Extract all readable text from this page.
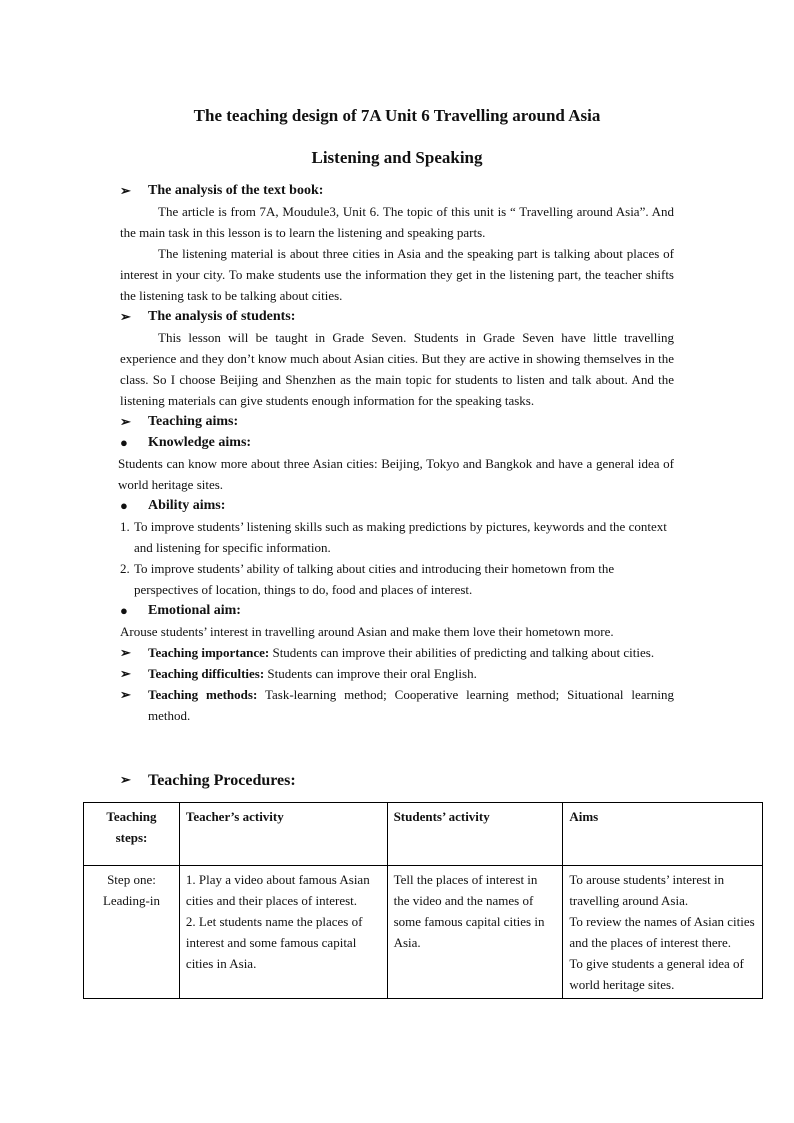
The teaching design of 7A Unit 6 Travelling around Asia
Listening and Speaking
➢	The analysis of the text book:

The article is from 7A, Moudule3, Unit 6. The topic of this unit is “ Travelling around Asia”. And the main task in this lesson is to learn the listening and speaking parts.

The listening material is about three cities in Asia and the speaking part is talking about places of interest in your city. To make students use the information they get in the listening part, the teacher shifts the listening task to be talking about cities.

➢	The analysis of students:

This lesson will be taught in Grade Seven. Students in Grade Seven have little travelling experience and they don’t know much about Asian cities. But they are active in showing themselves in the class. So I choose Beijing and Shenzhen as the main topic for students to listen and talk about. And the listening materials can give students enough information for the speaking tasks.

➢	Teaching aims:
●	Knowledge aims:

Students can know more about three Asian cities: Beijing, Tokyo and Bangkok and have a general idea of world heritage sites.

●	Ability aims:
1. To improve students’ listening skills such as making predictions by pictures, keywords and the context and listening for specific information.
2. To improve students’ ability of talking about cities and introducing their hometown from the perspectives of location, things to do, food and places of interest.
●	Emotional aim:

Arouse students’ interest in travelling around Asian and make them love their hometown more.

➢	Teaching importance: Students can improve their abilities of predicting and talking about cities.
➢	Teaching difficulties: Students can improve their oral English.
➢	Teaching methods: Task-learning method; Cooperative learning method; Situational learning method.
➢	Teaching Procedures:
Teaching steps:	Teacher’s activity	Students’ activity	Aims
Step one: Leading-in	1. Play a video about famous Asian cities and their places of interest.
2. Let students name the places of interest and some famous capital cities in Asia.	Tell the places of interest in the video and the names of some famous capital cities in Asia.	To arouse students’ interest in travelling around Asia.
To review the names of Asian cities and the places of interest there.
To give students a general idea of world heritage sites.
